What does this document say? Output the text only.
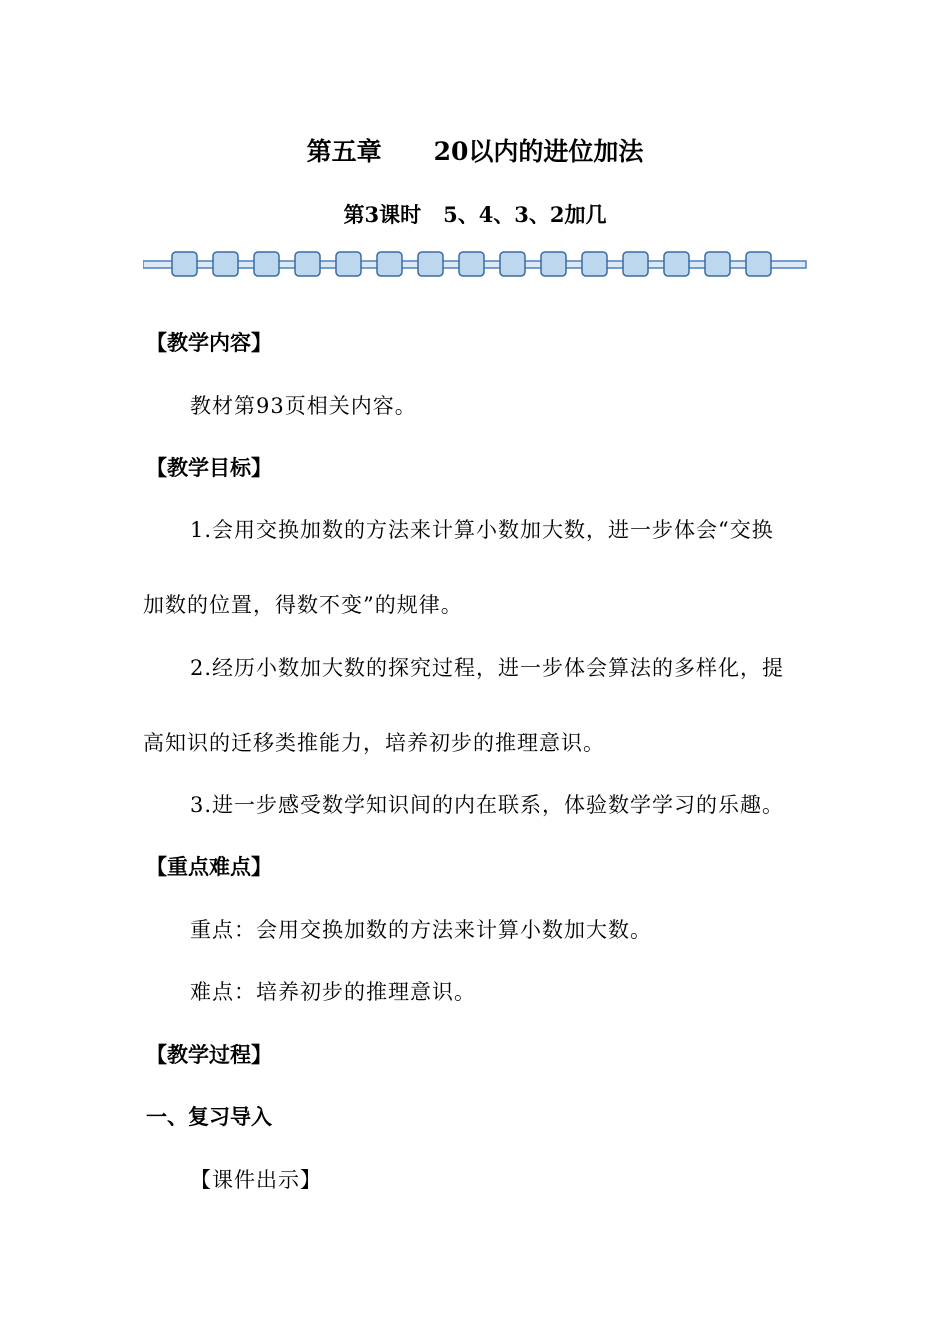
第五章 20以内的进位加法
第3课时 5、4、3、2加几
【教学内容】
教材第93页相关内容。
【教学目标】
1.会用交换加数的方法来计算小数加大数，进一步体会“交换
加数的位置，得数不变”的规律。
2.经历小数加大数的探究过程，进一步体会算法的多样化，提
高知识的迁移类推能力，培养初步的推理意识。
3.进一步感受数学知识间的内在联系，体验数学学习的乐趣。
【重点难点】
重点：会用交换加数的方法来计算小数加大数。
难点：培养初步的推理意识。
【教学过程】
一、复习导入
【课件出示】
